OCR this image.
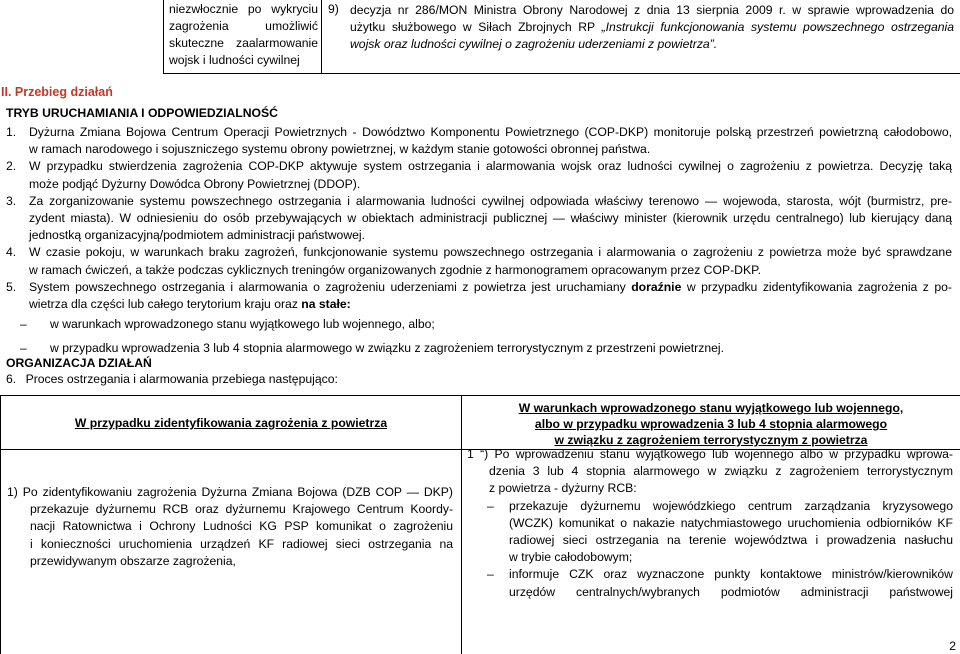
niezwłocznie po wykryciu
zagrożenia umożliwić
skuteczne zaalarmowanie
wojsk i ludności cywilnej
9) decyzja nr 286/MON Ministra Obrony Narodowej z dnia 13 sierpnia 2009 r. w sprawie wprowadzenia do
użytku służbowego w Siłach Zbrojnych RP „Instrukcji funkcjonowania systemu powszechnego ostrzegania
wojsk oraz ludności cywilnej o zagrożeniu uderzeniami z powietrza”.
II. Przebieg działań
TRYB URUCHAMIANIA I ODPOWIEDZIALNOŚĆ
1. Dyżurna Zmiana Bojowa Centrum Operacji Powietrznych - Dowództwo Komponentu Powietrznego (COP-DKP) monitoruje polską przestrzeń powietrzną całodobowo,
w ramach narodowego i sojuszniczego systemu obrony powietrznej, w każdym stanie gotowości obronnej państwa.
2. W przypadku stwierdzenia zagrożenia COP-DKP aktywuje system ostrzegania i alarmowania wojsk oraz ludności cywilnej o zagrożeniu z powietrza. Decyzję taką
może podjąć Dyżurny Dowódca Obrony Powietrznej (DDOP).
3. Za zorganizowanie systemu powszechnego ostrzegania i alarmowania ludności cywilnej odpowiada właściwy terenowo — wojewoda, starosta, wójt (burmistrz, pre-
zydent miasta). W odniesieniu do osób przebywających w obiektach administracji publicznej — właściwy minister (kierownik urzędu centralnego) lub kierujący daną
jednostką organizacyjną/podmiotem administracji państwowej.
4. W czasie pokoju, w warunkach braku zagrożeń, funkcjonowanie systemu powszechnego ostrzegania i alarmowania o zagrożeniu z powietrza może być sprawdzane
w ramach ćwiczeń, a także podczas cyklicznych treningów organizowanych zgodnie z harmonogramem opracowanym przez COP-DKP.
5. System powszechnego ostrzegania i alarmowania o zagrożeniu uderzeniami z powietrza jest uruchamiany doraźnie w przypadku zidentyfikowania zagrożenia z po-
wietrza dla części lub całego terytorium kraju oraz na stałe:
–
w warunkach wprowadzonego stanu wyjątkowego lub wojennego, albo;
–
w przypadku wprowadzenia 3 lub 4 stopnia alarmowego w związku z zagrożeniem terrorystycznym z przestrzeni powietrznej.
ORGANIZACJA DZIAŁAŃ
6. Proces ostrzegania i alarmowania przebiega następująco:
W przypadku zidentyfikowania zagrożenia z powietrza
W warunkach wprowadzonego stanu wyjątkowego lub wojennego,
albo w przypadku wprowadzenia 3 lub 4 stopnia alarmowego
w związku z zagrożeniem terrorystycznym z powietrza
1) Po zidentyfikowaniu zagrożenia Dyżurna Zmiana Bojowa (DZB COP — DKP)
przekazuje dyżurnemu RCB oraz dyżurnemu Krajowego Centrum Koordy-
nacji Ratownictwa i Ochrony Ludności KG PSP komunikat o zagrożeniu
i konieczności uruchomienia urządzeń KF radiowej sieci ostrzegania na
przewidywanym obszarze zagrożenia,
1 “) Po wprowadzeniu stanu wyjątkowego lub wojennego albo w przypadku wprowa-
dzenia 3 lub 4 stopnia alarmowego w związku z zagrożeniem terrorystycznym
z powietrza - dyżurny RCB:
–
przekazuje dyżurnemu wojewódzkiego centrum zarządzania kryzysowego
(WCZK) komunikat o nakazie natychmiastowego uruchomienia odbiorników KF
radiowej sieci ostrzegania na terenie województwa i prowadzenia nasłuchu
w trybie całodobowym;
–
informuje CZK oraz wyznaczone punkty kontaktowe ministrów/kierowników
urzędów centralnych/wybranych podmiotów administracji państwowej
2
